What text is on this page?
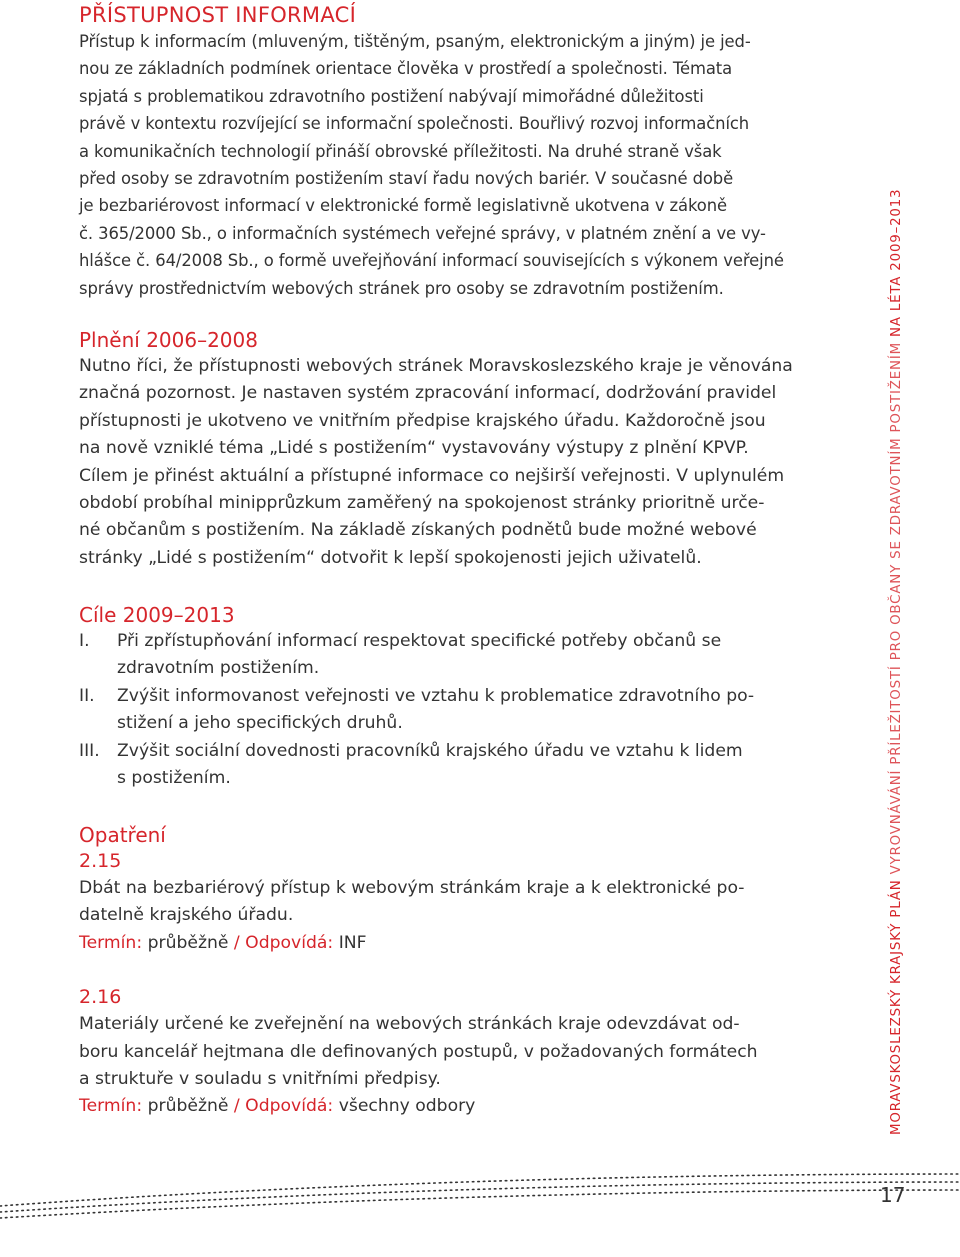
PŘÍSTUPNOST INFORMACÍ

Přístup k informacím (mluveným, tištěným, psaným, elektronickým a jiným) je jed-

nou ze základních podmínek orientace člověka v prostředí a společnosti. Témata

spjatá s problematikou zdravotního postižení nabývají mimořádné důležitosti

právě v kontextu rozvíjející se informační společnosti. Bouřlivý rozvoj informačních

a komunikačních technologií přináší obrovské příležitosti. Na druhé straně však

před osoby se zdravotním postižením staví řadu nových bariér. V současné době

je bezbariérovost informací v elektronické formě legislativně ukotvena v zákoně

č. 365/2000 Sb., o informačních systémech veřejné správy, v platném znění a ve vy-

hlášce č. 64/2008 Sb., o formě uveřejňování informací souvisejících s výkonem veřejné

správy prostřednictvím webových stránek pro osoby se zdravotním postižením.

Plnění 2006–2008

Nutno říci, že přístupnosti webových stránek Moravskoslezského kraje je věnována

značná pozornost. Je nastaven systém zpracování informací, dodržování pravidel

přístupnosti je ukotveno ve vnitřním předpise krajského úřadu. Každoročně jsou

na nově vzniklé téma „Lidé s postižením“ vystavovány výstupy z plnění KPVP.

Cílem je přinést aktuální a přístupné informace co nejširší veřejnosti. V uplynulém

období probíhal minipprůzkum zaměřený na spokojenost stránky prioritně urče-

né občanům s postižením. Na základě získaných podnětů bude možné webové

stránky „Lidé s postižením“ dotvořit k lepší spokojenosti jejich uživatelů.

Cíle 2009–2013
I.	Při zpřístupňování informací respektovat specifické potřeby občanů se
zdravotním postižením.
II.	Zvýšit informovanost veřejnosti ve vztahu k problematice zdravotního po-
stižení a jeho specifických druhů.
III.	Zvýšit sociální dovednosti pracovníků krajského úřadu ve vztahu k lidem
s postižením.
Opatření
2.15

Dbát na bezbariérový přístup k webovým stránkám kraje a k elektronické po-

datelně krajského úřadu.

Termín: průběžně / Odpovídá: INF

2.16

Materiály určené ke zveřejnění na webových stránkách kraje odevzdávat od-

boru kancelář hejtmana dle definovaných postupů, v požadovaných formátech

a struktuře v souladu s vnitřními předpisy.

Termín: průběžně / Odpovídá: všechny odbory	MORAVSKOSLEZSKÝ KRAJSKÝ PLÁN VYROVNÁVÁNÍ PŘÍLEŽITOSTÍ PRO OBČANY SE ZDRAVOTNÍM POSTIŽENÍM NA LÉTA 2009–2013
17
